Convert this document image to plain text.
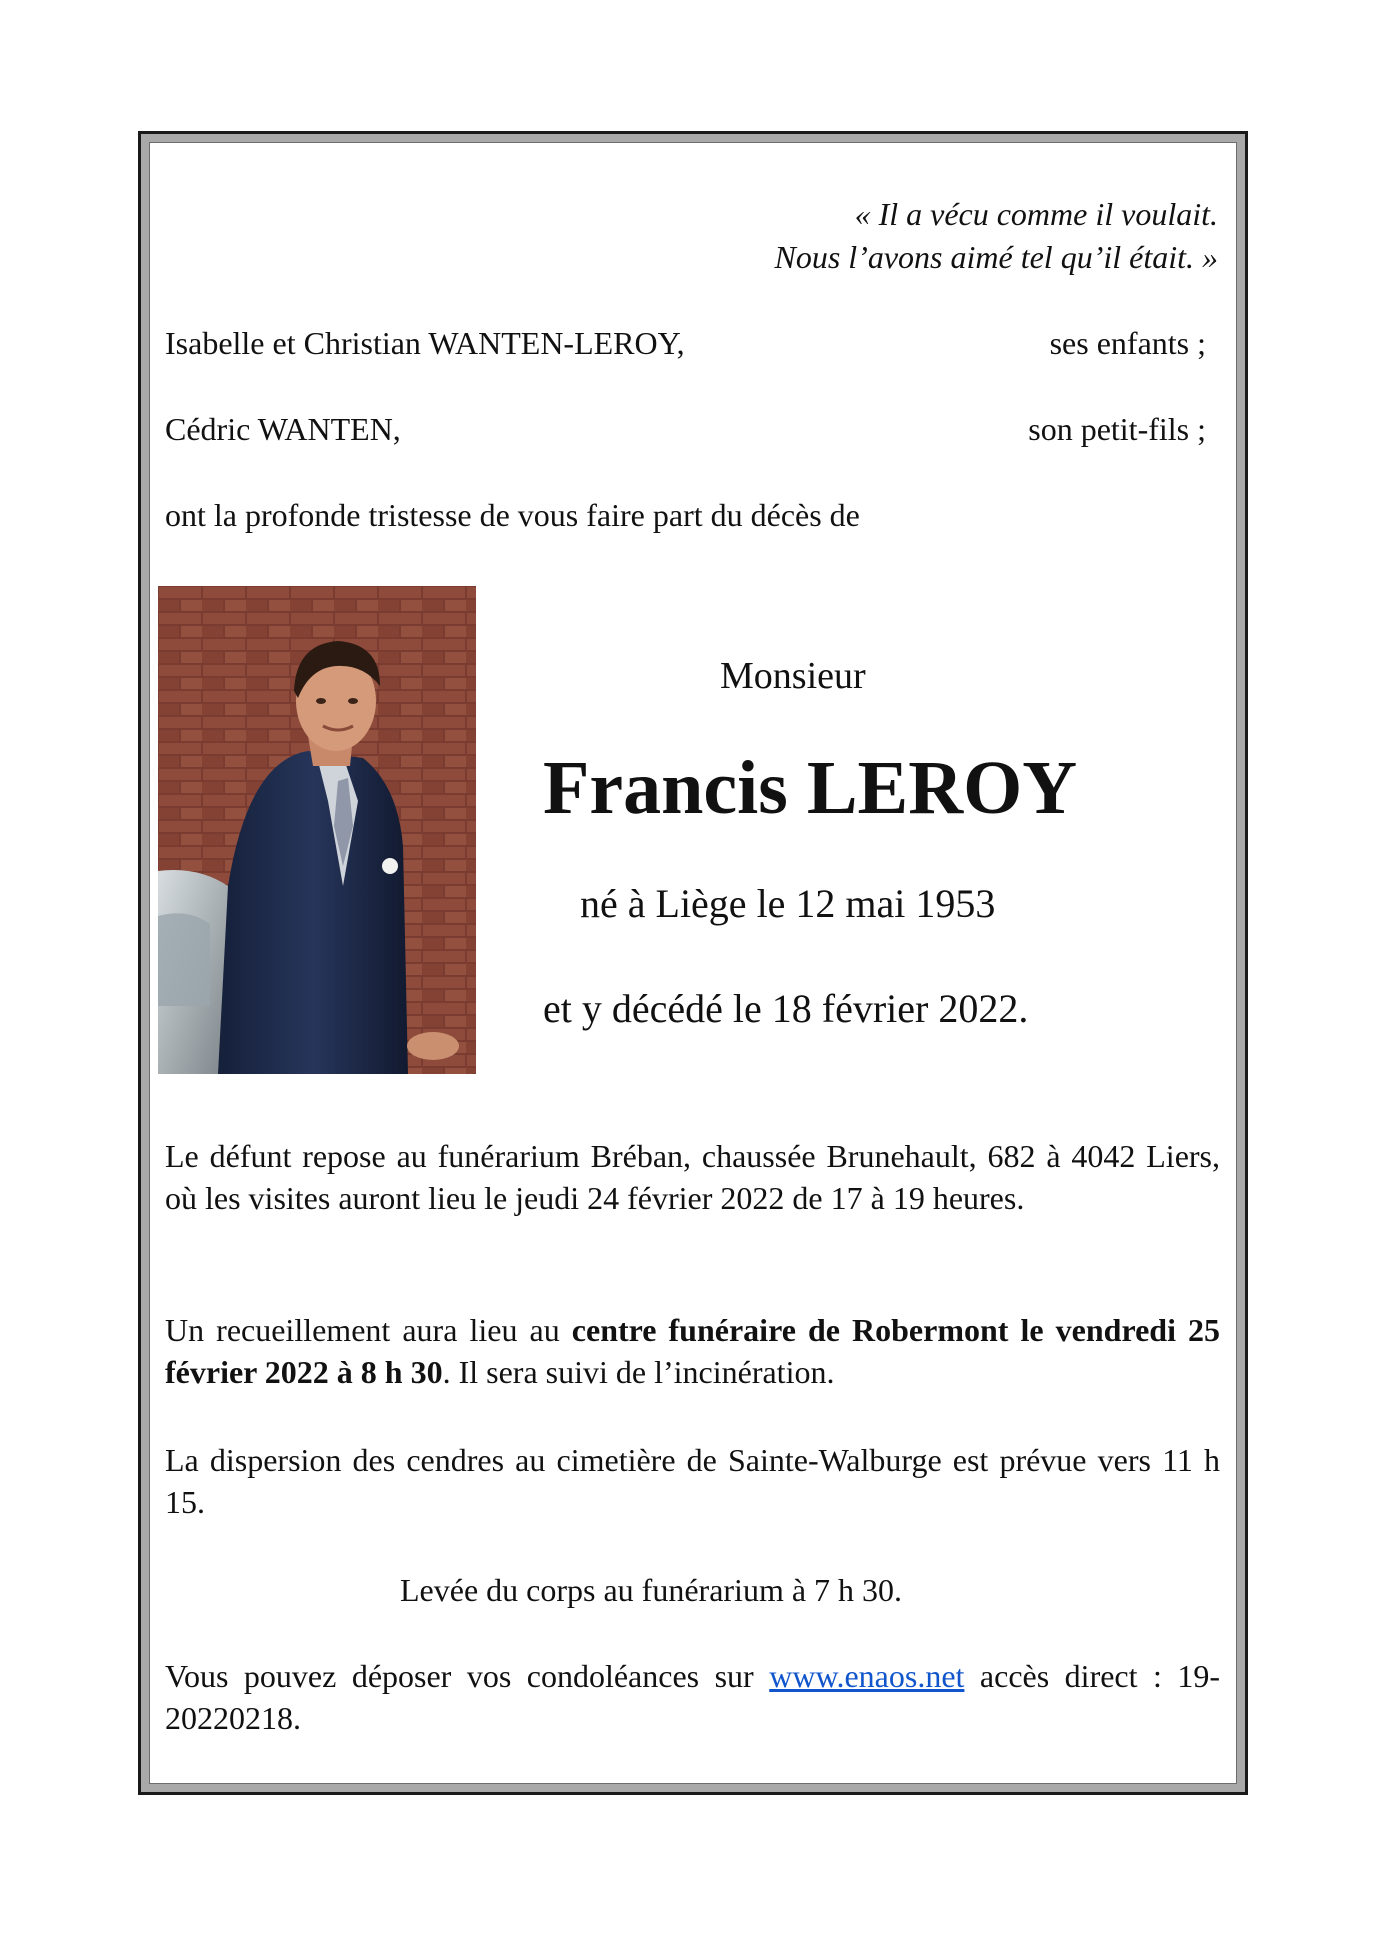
« Il a vécu comme il voulait.
Nous l’avons aimé tel qu’il était. »
Isabelle et Christian WANTEN-LEROY,	ses enfants ;
Cédric WANTEN,	son petit-fils ;
ont la profonde tristesse de vous faire part du décès de
Monsieur
Francis LEROY
né à Liège le 12 mai 1953
et y décédé le 18 février 2022.
Le défunt repose au funérarium Bréban, chaussée Brunehault, 682 à 4042 Liers, où les visites auront lieu le jeudi 24 février 2022 de 17 à 19 heures.
Un recueillement aura lieu au centre funéraire de Robermont le vendredi 25 février 2022 à 8 h 30. Il sera suivi de l’incinération.
La dispersion des cendres au cimetière de Sainte-Walburge est prévue vers 11 h 15.
Levée du corps au funérarium à 7 h 30.
Vous pouvez déposer vos condoléances sur www.enaos.net accès direct : 19-20220218.
